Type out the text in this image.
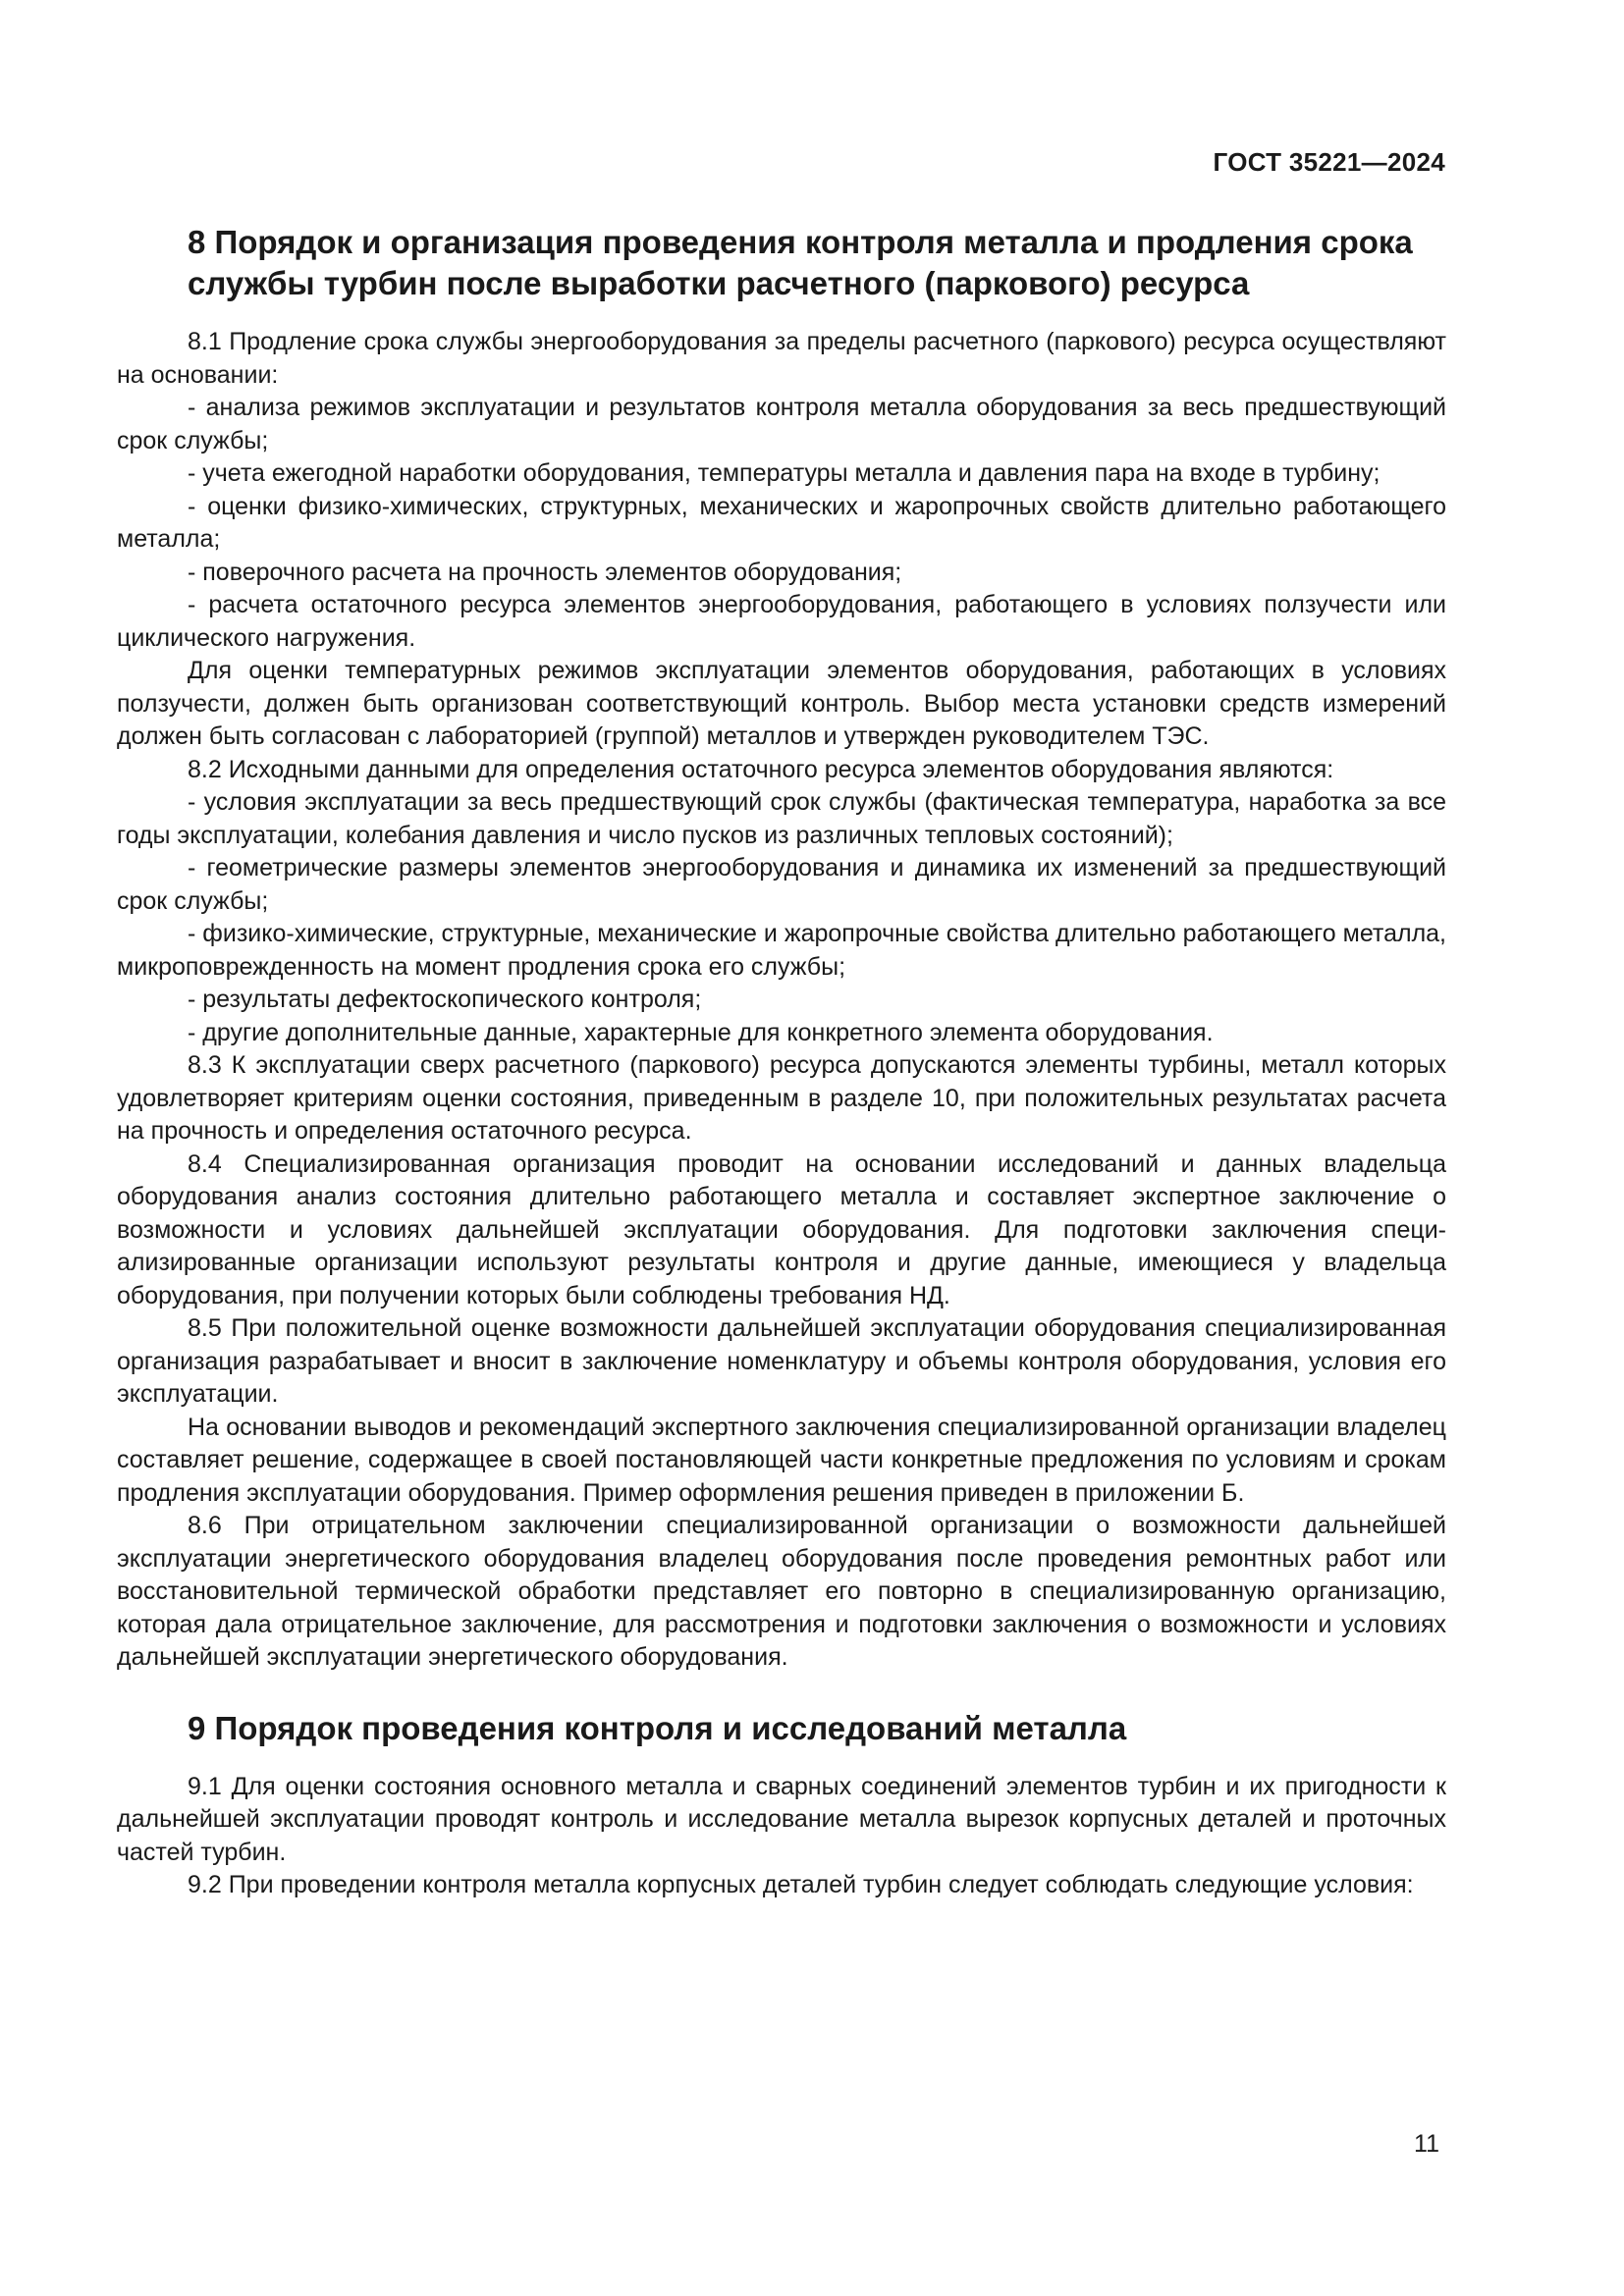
ГОСТ 35221—2024
8 Порядок и организация проведения контроля металла и продления срока службы турбин после выработки расчетного (паркового) ресурса

8.1 Продление срока службы энергооборудования за пределы расчетного (паркового) ресурса осуществляют на основании:

- анализа режимов эксплуатации и результатов контроля металла оборудования за весь предшествующий срок службы;

- учета ежегодной наработки оборудования, температуры металла и давления пара на входе в турбину;

- оценки физико-химических, структурных, механических и жаропрочных свойств длительно работающего металла;

- поверочного расчета на прочность элементов оборудования;

- расчета остаточного ресурса элементов энергооборудования, работающего в условиях ползучести или циклического нагружения.

Для оценки температурных режимов эксплуатации элементов оборудования, работающих в условиях ползучести, должен быть организован соответствующий контроль. Выбор места установки средств измерений должен быть согласован с лабораторией (группой) металлов и утвержден руководителем ТЭС.

8.2 Исходными данными для определения остаточного ресурса элементов оборудования являются:

- условия эксплуатации за весь предшествующий срок службы (фактическая температура, наработка за все годы эксплуатации, колебания давления и число пусков из различных тепловых состояний);

- геометрические размеры элементов энергооборудования и динамика их изменений за предшествующий срок службы;

- физико-химические, структурные, механические и жаропрочные свойства длительно работающего металла, микроповрежденность на момент продления срока его службы;

- результаты дефектоскопического контроля;

- другие дополнительные данные, характерные для конкретного элемента оборудования.

8.3 К эксплуатации сверх расчетного (паркового) ресурса допускаются элементы турбины, металл которых удовлетворяет критериям оценки состояния, приведенным в разделе 10, при положительных результатах расчета на прочность и определения остаточного ресурса.

8.4 Специализированная организация проводит на основании исследований и данных владельца оборудования анализ состояния длительно работающего металла и составляет экспертное заключение о возможности и условиях дальнейшей эксплуатации оборудования. Для подготовки заключения специализированные организации используют результаты контроля и другие данные, имеющиеся у владельца оборудования, при получении которых были соблюдены требования НД.

8.5 При положительной оценке возможности дальнейшей эксплуатации оборудования специализированная организация разрабатывает и вносит в заключение номенклатуру и объемы контроля оборудования, условия его эксплуатации.

На основании выводов и рекомендаций экспертного заключения специализированной организации владелец составляет решение, содержащее в своей постановляющей части конкретные предложения по условиям и срокам продления эксплуатации оборудования. Пример оформления решения приведен в приложении Б.

8.6 При отрицательном заключении специализированной организации о возможности дальнейшей эксплуатации энергетического оборудования владелец оборудования после проведения ремонтных работ или восстановительной термической обработки представляет его повторно в специализированную организацию, которая дала отрицательное заключение, для рассмотрения и подготовки заключения о возможности и условиях дальнейшей эксплуатации энергетического оборудования.

9 Порядок проведения контроля и исследований металла

9.1 Для оценки состояния основного металла и сварных соединений элементов турбин и их пригодности к дальнейшей эксплуатации проводят контроль и исследование металла вырезок корпусных деталей и проточных частей турбин.

9.2 При проведении контроля металла корпусных деталей турбин следует соблюдать следующие условия:

11
